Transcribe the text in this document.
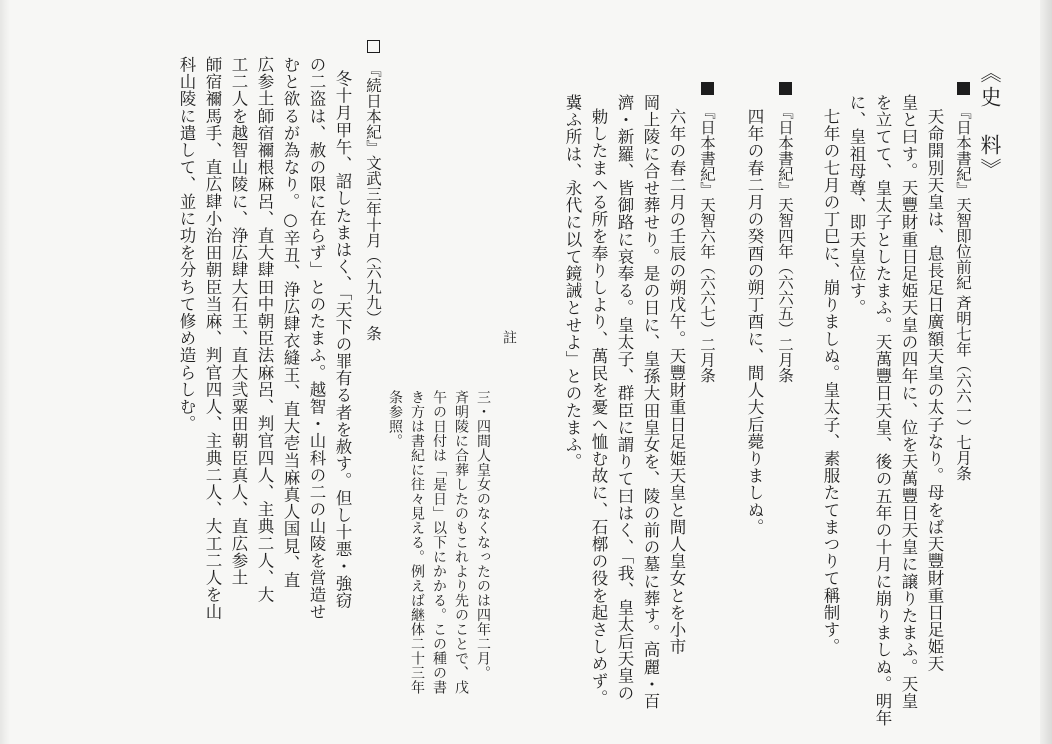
《史　料》
『日本書紀』天智即位前紀 斉明七年（六六一）七月条
天命開別天皇は、息長足日廣額天皇の太子なり。母をば天豐財重日足姫天
皇と曰す。天豐財重日足姫天皇の四年に、位を天萬豐日天皇に譲りたまふ。天皇
を立てて、皇太子としたまふ。天萬豐日天皇、後の五年の十月に崩りましぬ。明年
に、皇祖母尊、即天皇位す。
七年の七月の丁巳に、崩りましぬ。皇太子、素服たてまつりて稱制す。
『日本書紀』天智四年（六六五）二月条
四年の春二月の癸酉の朔丁酉に、間人大后薨りましぬ。
『日本書紀』天智六年（六六七）二月条
六年の春二月の壬辰の朔戊午。天豐財重日足姫天皇と間人皇女とを小市
岡上陵に合せ葬せり。是の日に、皇孫大田皇女を、陵の前の墓に葬す。高麗・百
濟・新羅、皆御路に哀奉る。皇太子、群臣に謂りて曰はく、「我、皇太后天皇の
勅したまへる所を奉りしより、萬民を憂へ恤む故に、石槨の役を起さしめず。
冀ふ所は、永代に以て鏡誡とせよ」とのたまふ。
註
三・四間人皇女のなくなったのは四年二月。
斉明陵に合葬したのもこれより先のことで、戊
午の日付は「是日」以下にかかる。この種の書
き方は書紀に往々見える。例えば継体二十三年
条参照。
『続日本紀』文武三年十月（六九九）条
冬十月甲午、詔したまはく、「天下の罪有る者を赦す。但し十悪・強窃
の二盗は、赦の限に在らず」とのたまふ。越智・山科の二の山陵を営造せ
むと欲るが為なり。○辛丑、浄広肆衣縫王、直大壱当麻真人国見、直
広参土師宿禰根麻呂、直大肆田中朝臣法麻呂、判官四人、主典二人、大
工二人を越智山陵に、浄広肆大石王、直大弐粟田朝臣真人、直広参土
師宿禰馬手、直広肆小治田朝臣当麻、判官四人、主典二人、大工二人を山
科山陵に遣して、並に功を分ちて修め造らしむ。
